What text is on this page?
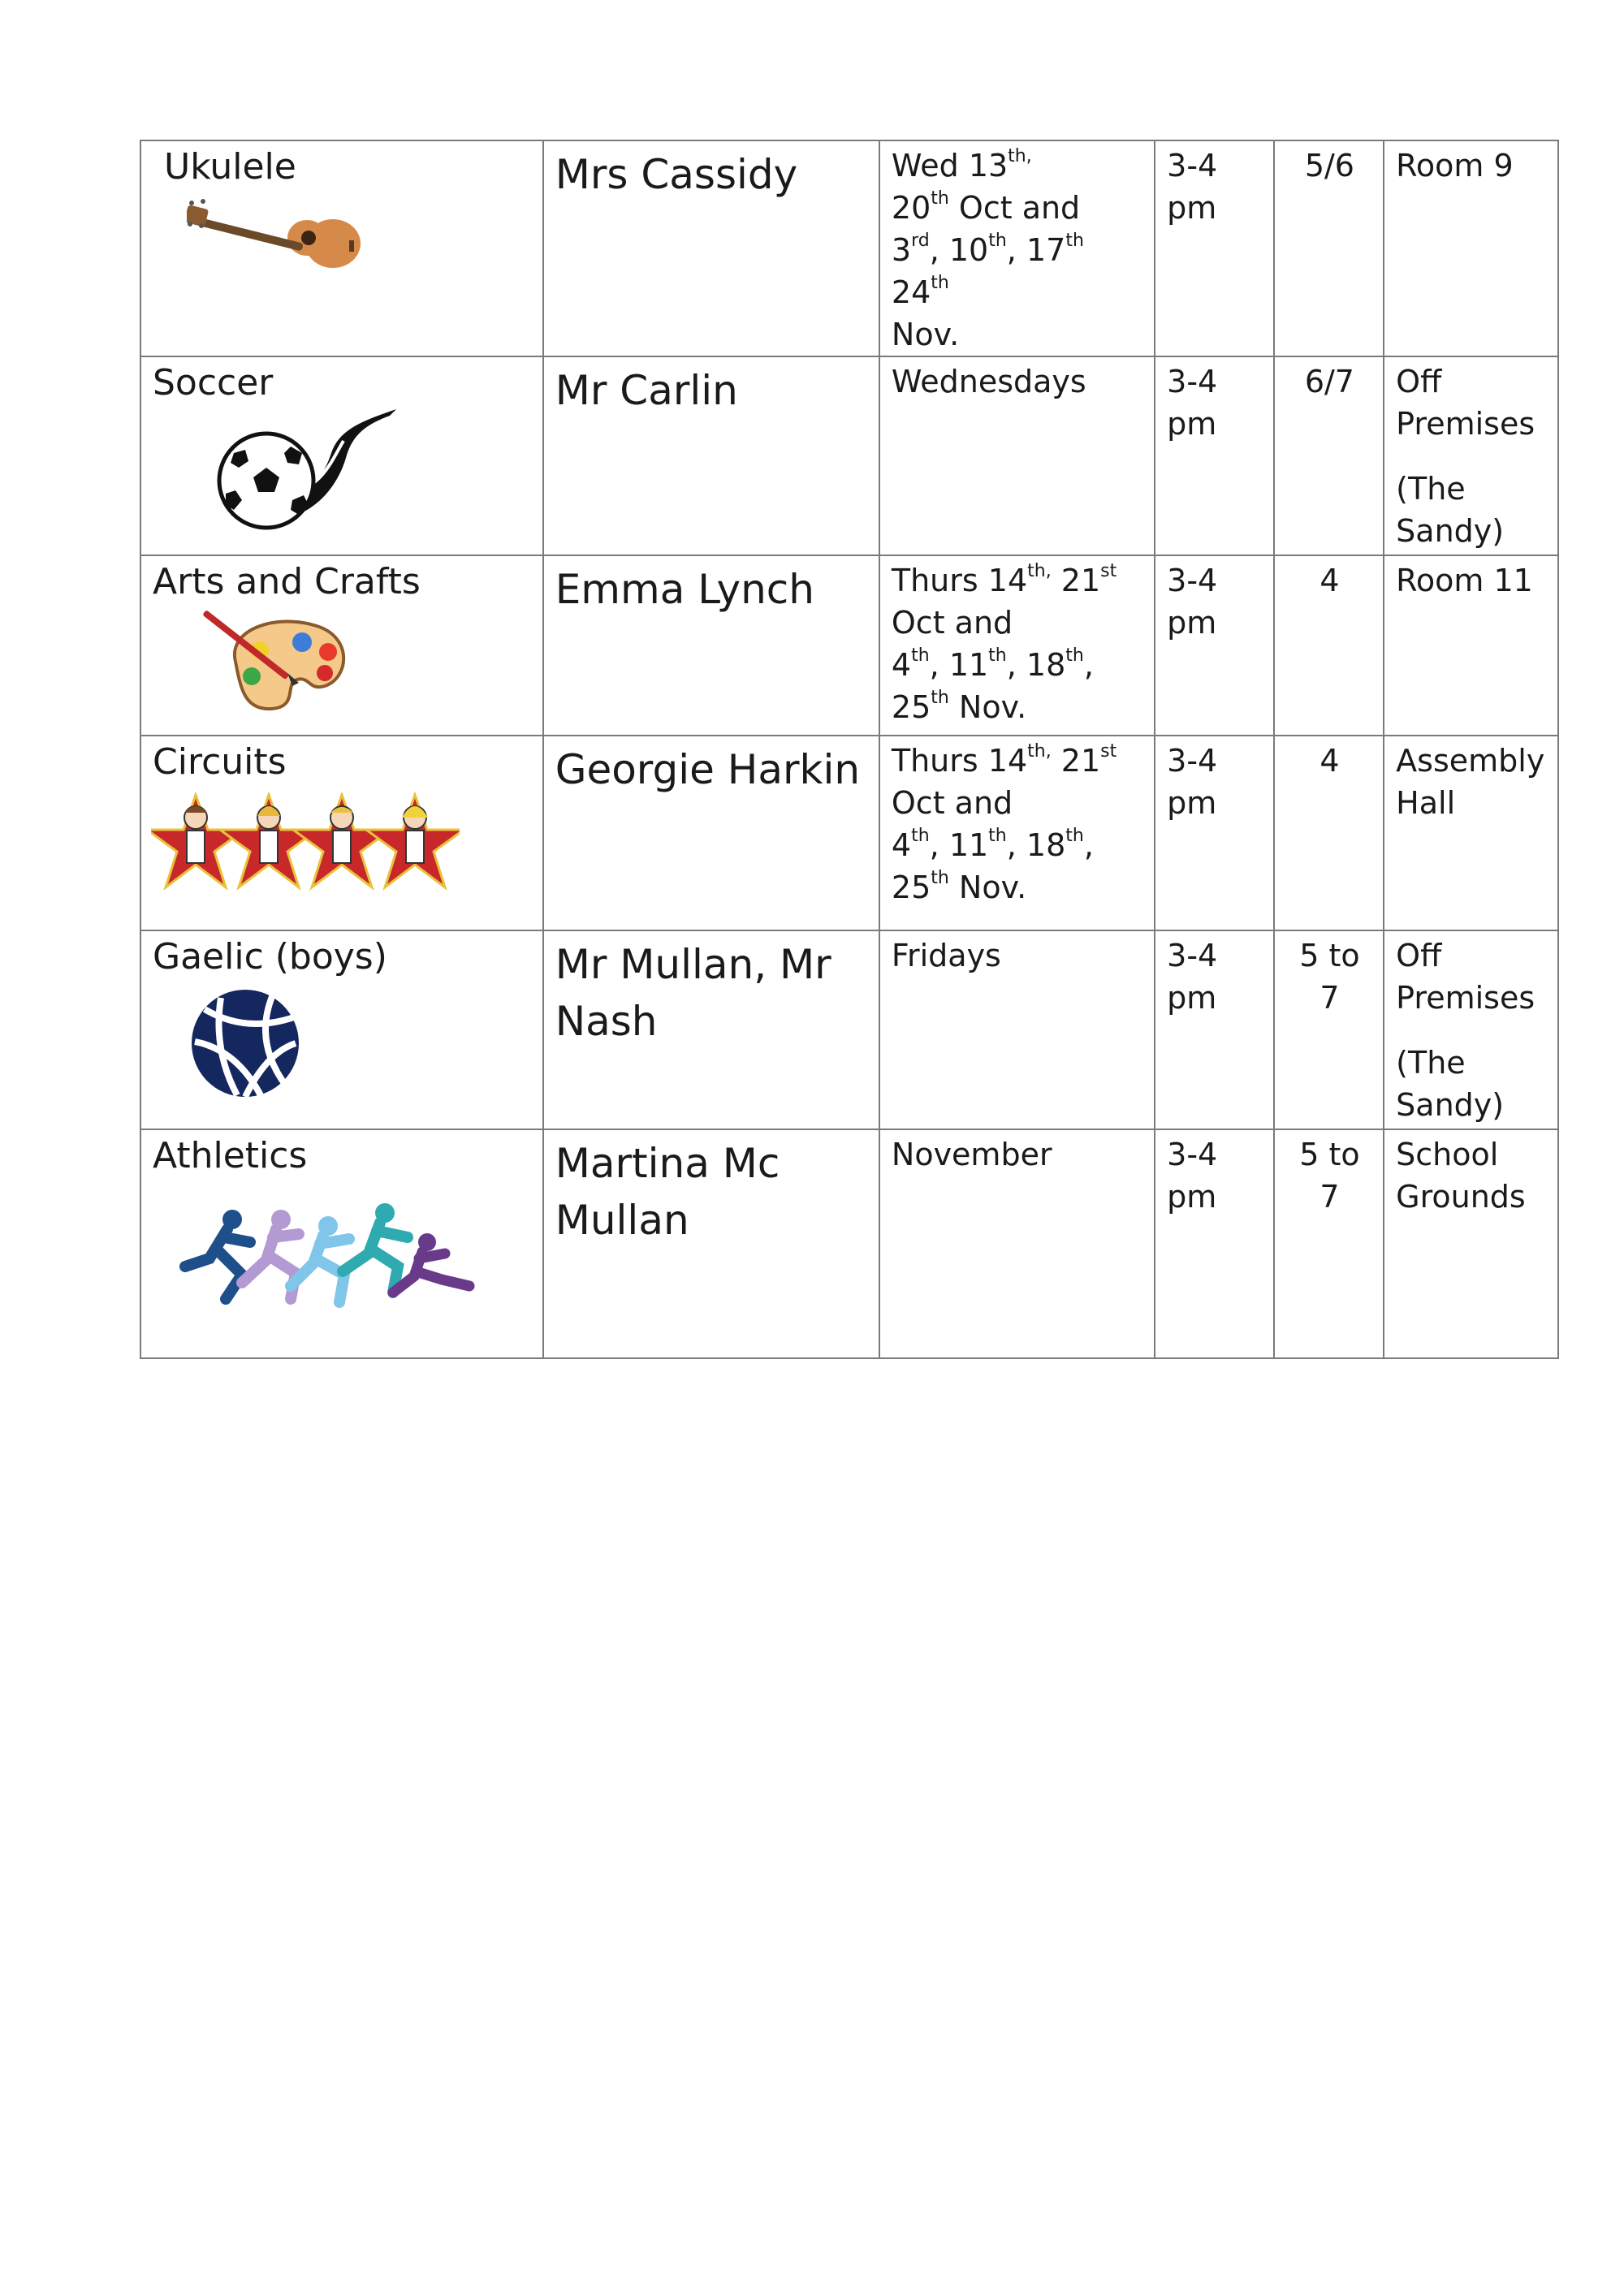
Ukulele	Mrs Cassidy	Wed $13^{th,}$
20th Oct and
3rd, 10th, 17th 24th
Nov.	3-4 pm	5/6	Room 9

Soccer	Mr Carlin	Wednesdays	3-4 pm	6/7	Off
Premises
(The
Sandy)

Arts and Crafts	Emma Lynch	Thurs $14^{th,}$ 21st
Oct and
4th, 11th, 18th,
25th Nov.	3-4 pm	4	Room 11

Circuits	Georgie Harkin	Thurs $14^{th,}$ 21st
Oct and
4th, 11th, 18th,
25th Nov.	3-4 pm	4	Assembly
Hall

Gaelic (boys)	Mr Mullan, Mr
Nash	Fridays	3-4 pm	5 to 7	Off
Premises
(The
Sandy)

Athletics	Martina Mc
Mullan	November	3-4 pm	5 to 7	School
Grounds
